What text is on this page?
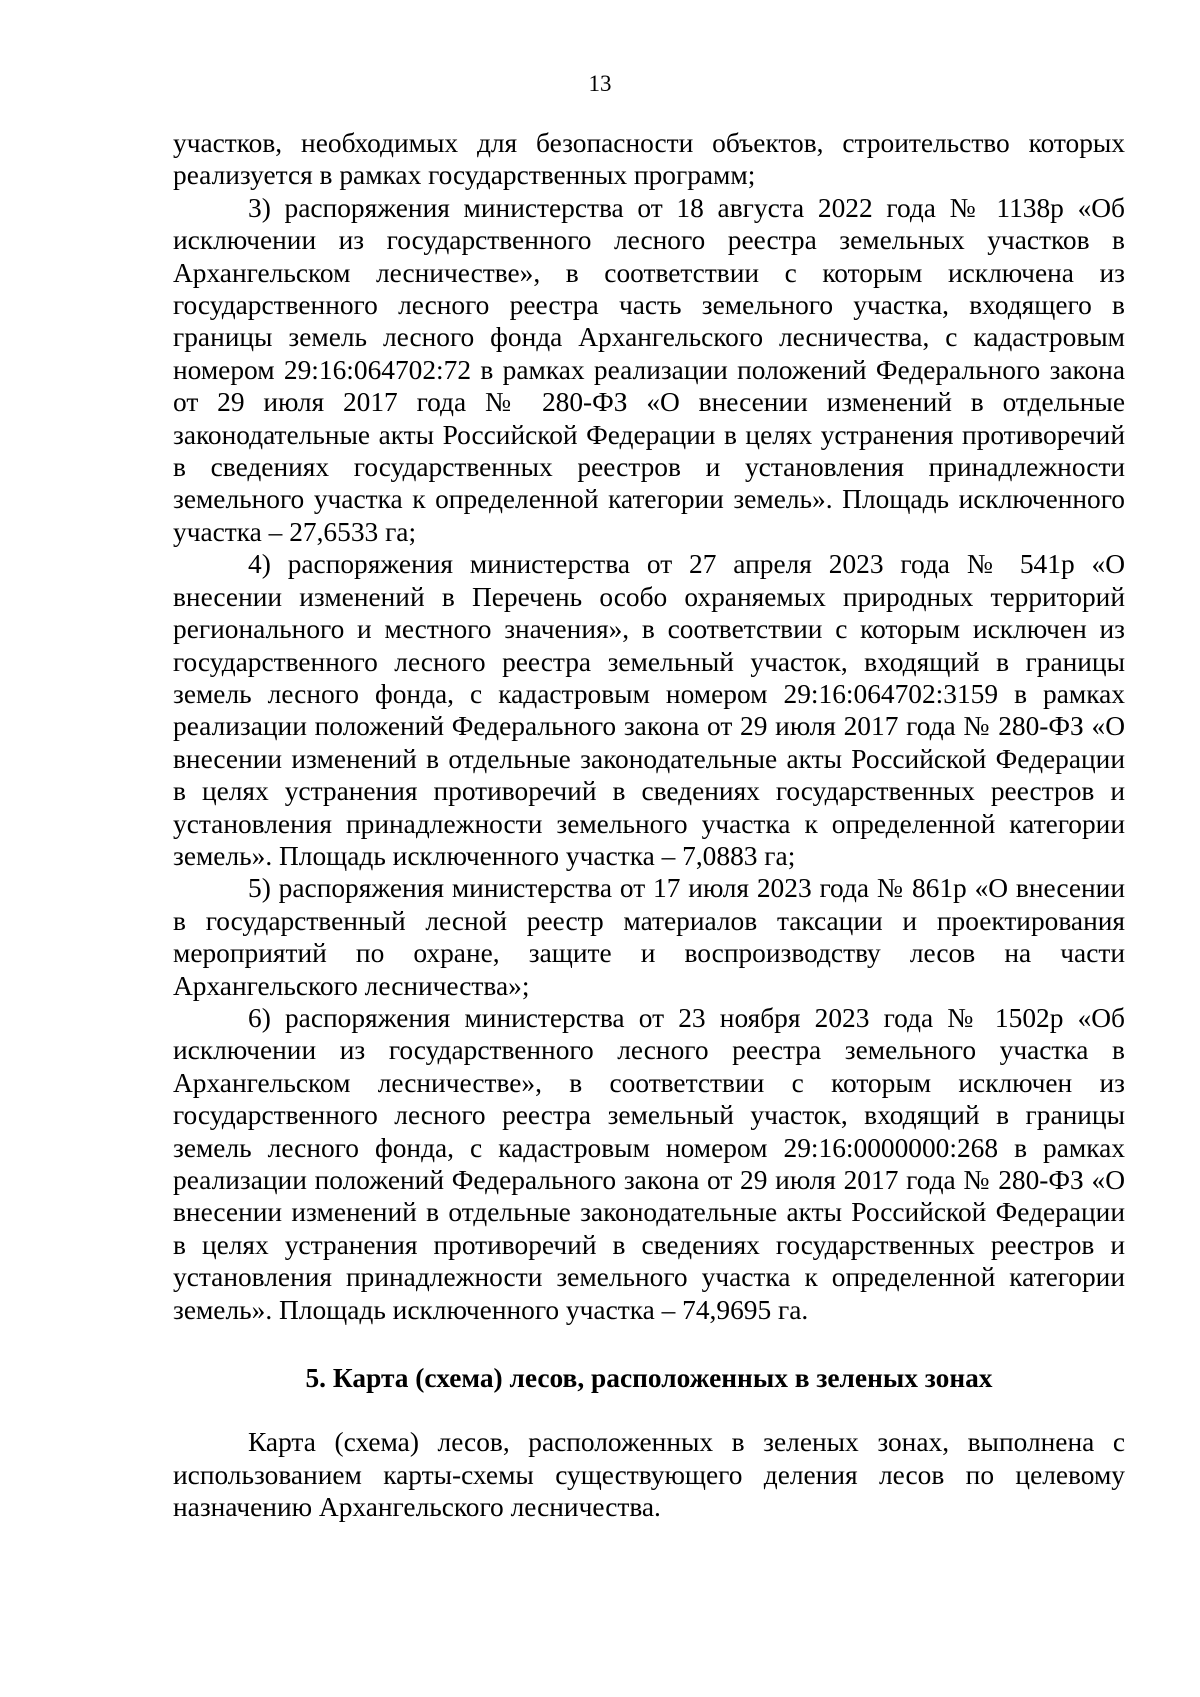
13

участков, необходимых для безопасности объектов, строительство которых реализуется в рамках государственных программ;

3) распоряжения министерства от 18 августа 2022 года № 1138р «Об исключении из государственного лесного реестра земельных участков в Архангельском лесничестве», в соответствии с которым исключена из государственного лесного реестра часть земельного участка, входящего в границы земель лесного фонда Архангельского лесничества, с кадастровым номером 29:16:064702:72 в рамках реализации положений Федерального закона от 29 июля 2017 года № 280-ФЗ «О внесении изменений в отдельные законодательные акты Российской Федерации в целях устранения противоречий в сведениях государственных реестров и установления принадлежности земельного участка к определенной категории земель». Площадь исключенного участка – 27,6533 га;

4) распоряжения министерства от 27 апреля 2023 года № 541р «О внесении изменений в Перечень особо охраняемых природных территорий регионального и местного значения», в соответствии с которым исключен из государственного лесного реестра земельный участок, входящий в границы земель лесного фонда, с кадастровым номером 29:16:064702:3159 в рамках реализации положений Федерального закона от 29 июля 2017 года № 280-ФЗ «О внесении изменений в отдельные законодательные акты Российской Федерации в целях устранения противоречий в сведениях государственных реестров и установления принадлежности земельного участка к определенной категории земель». Площадь исключенного участка – 7,0883 га;

5) распоряжения министерства от 17 июля 2023 года № 861р «О внесении в государственный лесной реестр материалов таксации и проектирования мероприятий по охране, защите и воспроизводству лесов на части Архангельского лесничества»;

6) распоряжения министерства от 23 ноября 2023 года № 1502р «Об исключении из государственного лесного реестра земельного участка в Архангельском лесничестве», в соответствии с которым исключен из государственного лесного реестра земельный участок, входящий в границы земель лесного фонда, с кадастровым номером 29:16:0000000:268 в рамках реализации положений Федерального закона от 29 июля 2017 года № 280-ФЗ «О внесении изменений в отдельные законодательные акты Российской Федерации в целях устранения противоречий в сведениях государственных реестров и установления принадлежности земельного участка к определенной категории земель». Площадь исключенного участка – 74,9695 га.

5. Карта (схема) лесов, расположенных в зеленых зонах

Карта (схема) лесов, расположенных в зеленых зонах, выполнена с использованием карты-схемы существующего деления лесов по целевому назначению Архангельского лесничества.
